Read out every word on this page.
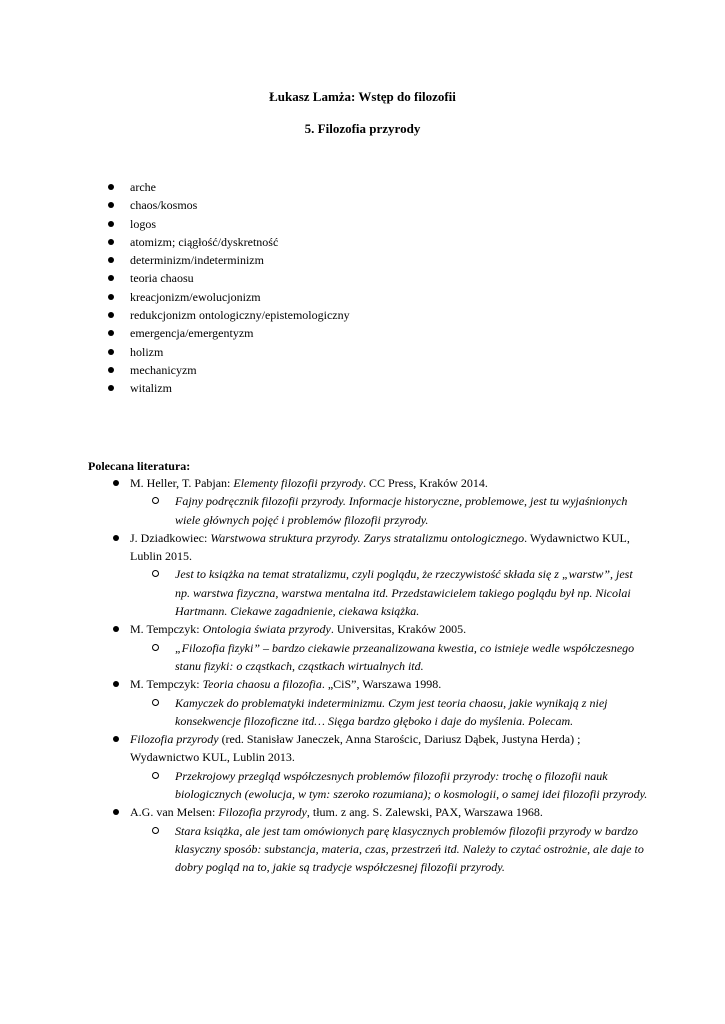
Łukasz Lamża: Wstęp do filozofii
5. Filozofia przyrody
arche
chaos/kosmos
logos
atomizm; ciągłość/dyskretność
determinizm/indeterminizm
teoria chaosu
kreacjonizm/ewolucjonizm
redukcjonizm ontologiczny/epistemologiczny
emergencja/emergentyzm
holizm
mechanicyzm
witalizm
Polecana literatura:
M. Heller, T. Pabjan: Elementy filozofii przyrody. CC Press, Kraków 2014.
Fajny podręcznik filozofii przyrody. Informacje historyczne, problemowe, jest tu wyjaśnionych wiele głównych pojęć i problemów filozofii przyrody.
J. Dziadkowiec: Warstwowa struktura przyrody. Zarys stratalizmu ontologicznego. Wydawnictwo KUL, Lublin 2015.
Jest to książka na temat stratalizmu, czyli poglądu, że rzeczywistość składa się z „warstw”, jest np. warstwa fizyczna, warstwa mentalna itd. Przedstawicielem takiego poglądu był np. Nicolai Hartmann. Ciekawe zagadnienie, ciekawa książka.
M. Tempczyk: Ontologia świata przyrody. Universitas, Kraków 2005.
„Filozofia fizyki” – bardzo ciekawie przeanalizowana kwestia, co istnieje wedle współczesnego stanu fizyki: o cząstkach, cząstkach wirtualnych itd.
M. Tempczyk: Teoria chaosu a filozofia. „CiS”, Warszawa 1998.
Kamyczek do problematyki indeterminizmu. Czym jest teoria chaosu, jakie wynikają z niej konsekwencje filozoficzne itd… Sięga bardzo głęboko i daje do myślenia. Polecam.
Filozofia przyrody (red. Stanisław Janeczek, Anna Starościc, Dariusz Dąbek, Justyna Herda) ; Wydawnictwo KUL, Lublin 2013.
Przekrojowy przegląd współczesnych problemów filozofii przyrody: trochę o filozofii nauk biologicznych (ewolucja, w tym: szeroko rozumiana); o kosmologii, o samej idei filozofii przyrody.
A.G. van Melsen: Filozofia przyrody, tłum. z ang. S. Zalewski, PAX, Warszawa 1968.
Stara książka, ale jest tam omówionych parę klasycznych problemów filozofii przyrody w bardzo klasyczny sposób: substancja, materia, czas, przestrzeń itd. Należy to czytać ostrożnie, ale daje to dobry pogląd na to, jakie są tradycje współczesnej filozofii przyrody.
